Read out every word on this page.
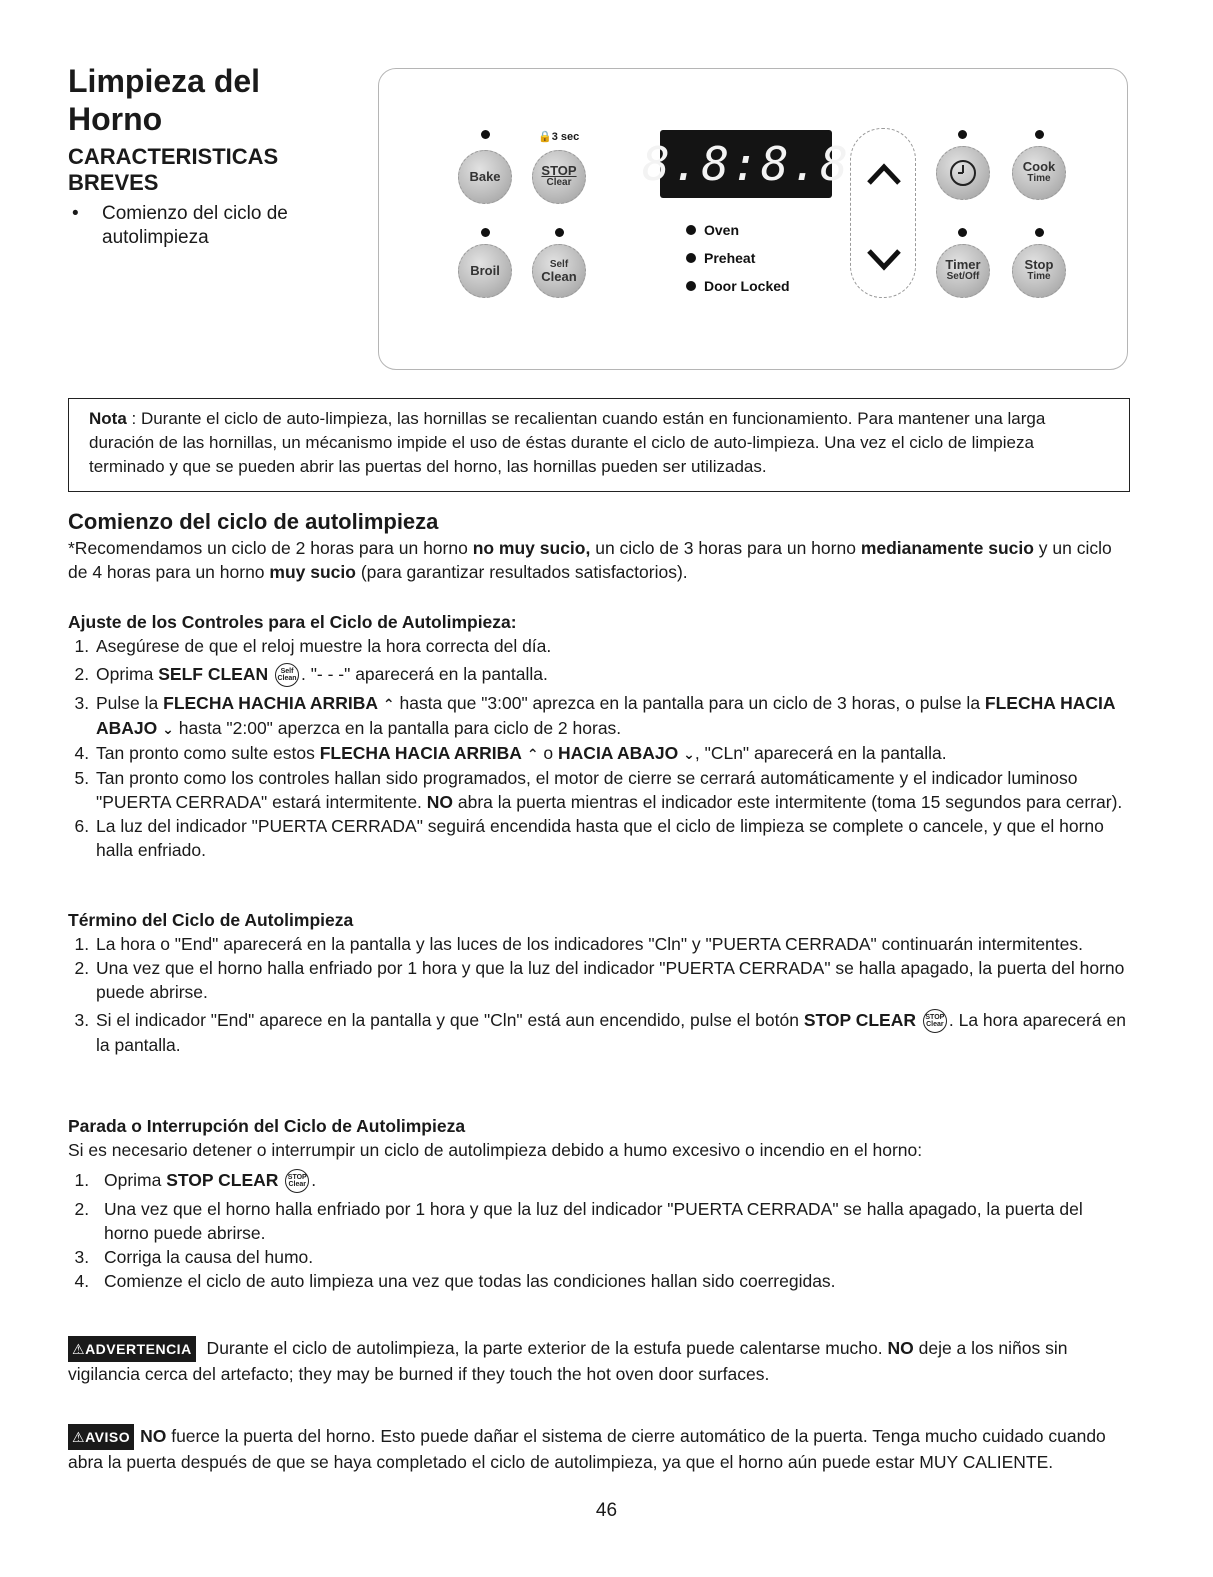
Limpieza del
Horno
CARACTERISTICAS
BREVES
•	Comienzo del ciclo de
autolimpieza
🔒3 sec
Bake	STOP
Clear
Broil	Self
Clean
8.8:8.8
Oven
Preheat
Door Locked
Cook
Time
Timer
Set/Off
Stop
Time
Nota : Durante el ciclo de auto-limpieza, las hornillas se recalientan cuando están en funcionamiento. Para mantener una larga duración de las hornillas, un mécanismo impide el uso de éstas durante el ciclo de auto-limpieza. Una vez el ciclo de limpieza terminado y que se pueden abrir las puertas del horno, las hornillas pueden ser utilizadas.
Comienzo del ciclo de autolimpieza
*Recomendamos un ciclo de 2 horas para un horno no muy sucio, un ciclo de 3 horas para un horno medianamente sucio y un ciclo de 4 horas para un horno muy sucio (para garantizar resultados satisfactorios).
Ajuste de los Controles para el Ciclo de Autolimpieza:
1. Asegúrese de que el reloj muestre la hora correcta del día.
2. Oprima SELF CLEAN Self
Clean . "- - -" aparecerá en la pantalla.
3. Pulse la FLECHA HACHIA ARRIBA ⌃ hasta que "3:00" aprezca en la pantalla para un ciclo de 3 horas, o pulse la FLECHA HACIA ABAJO ⌄ hasta "2:00" aperzca en la pantalla para ciclo de 2 horas.
4. Tan pronto como sulte estos FLECHA HACIA ARRIBA ⌃ o HACIA ABAJO ⌄, "CLn" aparecerá en la pantalla.
5. Tan pronto como los controles hallan sido programados, el motor de cierre se cerrará automáticamente y el indicador luminoso "PUERTA CERRADA" estará intermitente. NO abra la puerta mientras el indicador este intermitente (toma 15 segundos para cerrar).
6. La luz del indicador "PUERTA CERRADA" seguirá encendida hasta que el ciclo de limpieza se complete o cancele, y que el horno halla enfriado.
Término del Ciclo de Autolimpieza
1. La hora o "End" aparecerá en la pantalla y las luces de los indicadores "Cln" y "PUERTA CERRADA" continuarán intermitentes.
2. Una vez que el horno halla enfriado por 1 hora y que la luz del indicador "PUERTA CERRADA" se halla apagado, la puerta del horno puede abrirse.
3. Si el indicador "End" aparece en la pantalla y que "Cln" está aun encendido, pulse el botón STOP CLEAR STOP
Clear . La hora aparecerá en la pantalla.
Parada o Interrupción del Ciclo de Autolimpieza
Si es necesario detener o interrumpir un ciclo de autolimpieza debido a humo excesivo o incendio en el horno:
1. Oprima STOP CLEAR STOP
Clear .
2. Una vez que el horno halla enfriado por 1 hora y que la luz del indicador "PUERTA CERRADA" se halla apagado, la puerta del horno puede abrirse.
3. Corriga la causa del humo.
4. Comienze el ciclo de auto limpieza una vez que todas las condiciones hallan sido coerregidas.
⚠ADVERTENCIA Durante el ciclo de autolimpieza, la parte exterior de la estufa puede calentarse mucho. NO deje a los niños sin vigilancia cerca del artefacto; they may be burned if they touch the hot oven door surfaces.
⚠AVISO NO fuerce la puerta del horno. Esto puede dañar el sistema de cierre automático de la puerta. Tenga mucho cuidado cuando abra la puerta después de que se haya completado el ciclo de autolimpieza, ya que el horno aún puede estar MUY CALIENTE.
46
